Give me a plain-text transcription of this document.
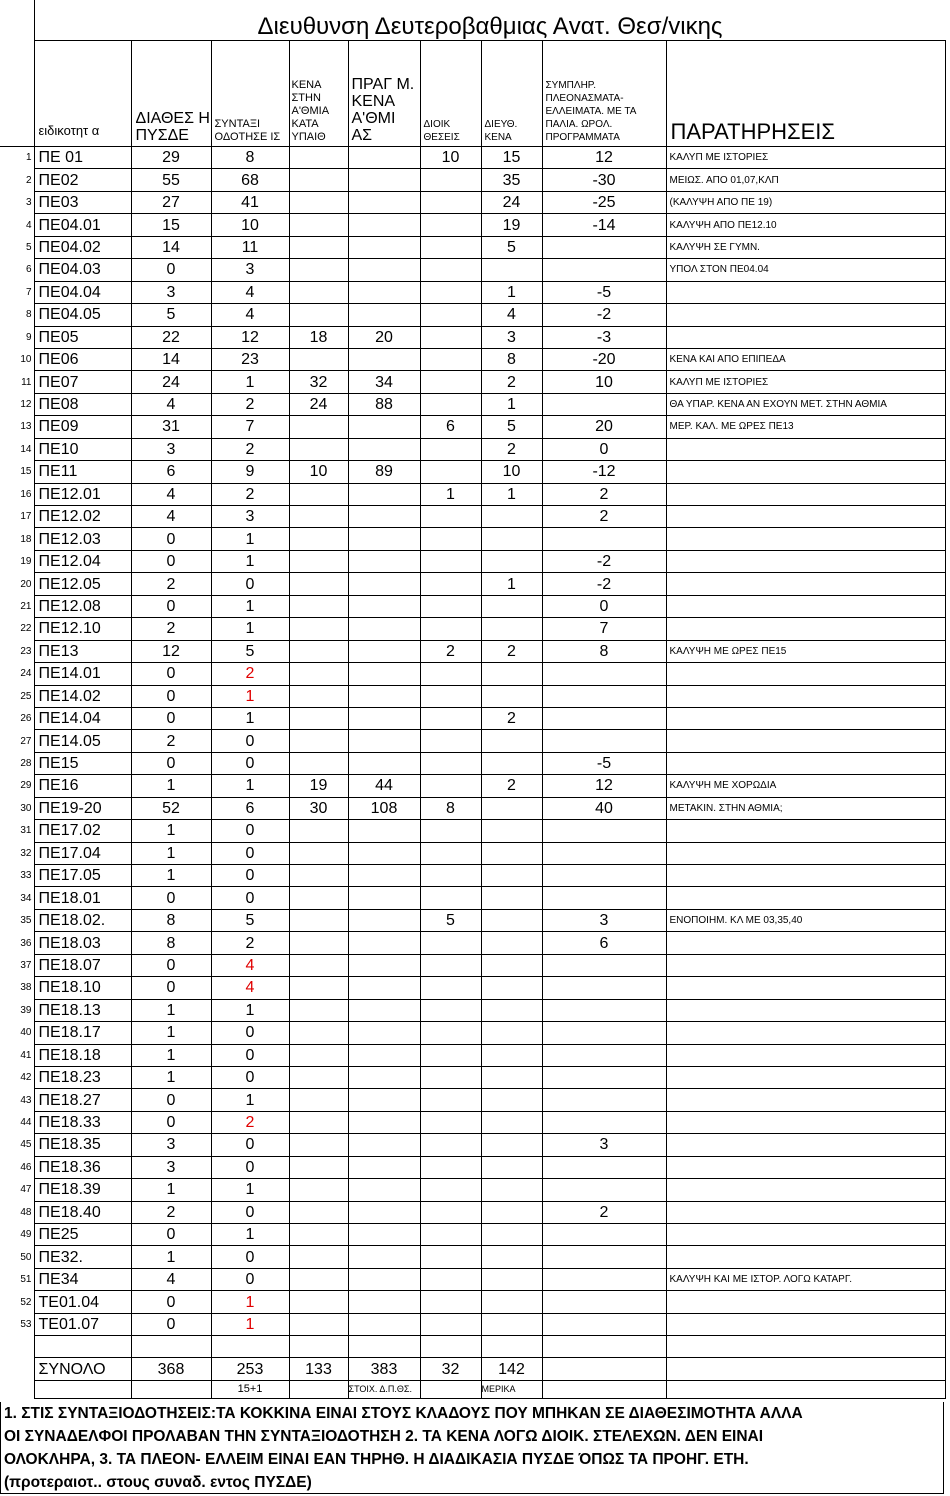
Διευθυνση Δευτεροβαθμιας Αvατ. Θεσ/vικης
	ειδικοτητ α	ΔΙΑΘΕΣ Η ΠΥΣΔΕ	ΣΥΝΤΑΞΙ ΟΔΟΤΗΣΕ ΙΣ	ΚΕΝΑ ΣΤΗΝ Α'ΘΜΙΑ ΚΑΤΑ ΥΠΑΙΘ	ΠΡΑΓ Μ. ΚΕΝΑ Α'ΘΜΙ ΑΣ	ΔΙΟΙΚ ΘΕΣΕΙΣ	ΔΙΕΥΘ. ΚΕΝΑ	ΣΥΜΠΛΗΡ. ΠΛΕΟΝΑΣΜΑΤΑ- ΕΛΛΕΙΜΑΤΑ. ΜΕ ΤΑ ΠΑΛΙΑ. ΩΡΟΛ. ΠΡΟΓΡΑΜΜΑΤΑ	ΠΑΡΑΤΗΡΗΣΕΙΣ
1	ΠΕ 01	29	8			10	15	12	ΚΑΛΥΠ ΜΕ ΙΣΤΟΡΙΕΣ
2	ΠΕ02	55	68				35	-30	ΜΕΙΩΣ. ΑΠΟ 01,07,ΚΛΠ
3	ΠΕ03	27	41				24	-25	(ΚΑΛΥΨΗ ΑΠΟ ΠΕ 19)
4	ΠΕ04.01	15	10				19	-14	ΚΑΛΥΨΗ ΑΠΟ ΠΕ12.10
5	ΠΕ04.02	14	11				5		ΚΑΛΥΨΗ ΣΕ ΓΥΜΝ.
6	ΠΕ04.03	0	3						ΥΠΟΛ ΣΤΟΝ ΠΕ04.04
7	ΠΕ04.04	3	4				1	-5	
8	ΠΕ04.05	5	4				4	-2	
9	ΠΕ05	22	12	18	20		3	-3	
10	ΠΕ06	14	23				8	-20	ΚΕΝΑ ΚΑΙ ΑΠΟ ΕΠΙΠΕΔΑ
11	ΠΕ07	24	1	32	34		2	10	ΚΑΛΥΠ ΜΕ ΙΣΤΟΡΙΕΣ
12	ΠΕ08	4	2	24	88		1		ΘΑ ΥΠΑΡ. ΚΕΝΑ ΑΝ ΕΧΟΥΝ ΜΕΤ. ΣΤΗΝ ΑΘΜΙΑ
13	ΠΕ09	31	7			6	5	20	ΜΕΡ. ΚΑΛ. ΜΕ ΩΡΕΣ ΠΕ13
14	ΠΕ10	3	2				2	0	
15	ΠΕ11	6	9	10	89		10	-12	
16	ΠΕ12.01	4	2			1	1	2	
17	ΠΕ12.02	4	3					2	
18	ΠΕ12.03	0	1						
19	ΠΕ12.04	0	1					-2	
20	ΠΕ12.05	2	0				1	-2	
21	ΠΕ12.08	0	1					0	
22	ΠΕ12.10	2	1					7	
23	ΠΕ13	12	5			2	2	8	ΚΑΛΥΨΗ ΜΕ ΩΡΕΣ ΠΕ15
24	ΠΕ14.01	0	2						
25	ΠΕ14.02	0	1						
26	ΠΕ14.04	0	1				2		
27	ΠΕ14.05	2	0						
28	ΠΕ15	0	0					-5	
29	ΠΕ16	1	1	19	44		2	12	ΚΑΛΥΨΗ ΜΕ ΧΟΡΩΔΙΑ
30	ΠΕ19-20	52	6	30	108	8		40	ΜΕΤΑΚΙΝ. ΣΤΗΝ ΑΘΜΙΑ;
31	ΠΕ17.02	1	0						
32	ΠΕ17.04	1	0						
33	ΠΕ17.05	1	0						
34	ΠΕ18.01	0	0						
35	ΠΕ18.02.	8	5			5		3	ΕΝΟΠΟΙΗΜ. ΚΛ ΜΕ 03,35,40
36	ΠΕ18.03	8	2					6	
37	ΠΕ18.07	0	4						
38	ΠΕ18.10	0	4						
39	ΠΕ18.13	1	1						
40	ΠΕ18.17	1	0						
41	ΠΕ18.18	1	0						
42	ΠΕ18.23	1	0						
43	ΠΕ18.27	0	1						
44	ΠΕ18.33	0	2						
45	ΠΕ18.35	3	0					3	
46	ΠΕ18.36	3	0						
47	ΠΕ18.39	1	1						
48	ΠΕ18.40	2	0					2	
49	ΠΕ25	0	1						
50	ΠΕ32.	1	0						
51	ΠΕ34	4	0						ΚΑΛΥΨΗ ΚΑΙ ΜΕ ΙΣΤΟΡ. ΛΟΓΩ ΚΑΤΑΡΓ.
52	ΤΕ01.04	0	1						
53	ΤΕ01.07	0	1						

	ΣΥΝΟΛΟ	368	253	133	383	32	142		
			15+1		ΣΤΟΙΧ. Δ.Π.ΘΣ.		ΜΕΡΙΚΑ		
1. ΣΤΙΣ ΣΥΝΤΑΞΙΟΔΟΤΗΣΕΙΣ:ΤΑ ΚΟΚΚΙΝΑ ΕΙΝΑΙ ΣΤΟΥΣ ΚΛΑΔΟΥΣ ΠΟΥ ΜΠΗΚΑΝ ΣΕ ΔΙΑΘΕΣΙΜΟΤΗΤΑ ΑΛΛΑ
ΟΙ ΣΥΝΑΔΕΛΦΟΙ ΠΡΟΛΑΒΑΝ ΤΗΝ ΣΥΝΤΑΞΙΟΔΟΤΗΣΗ 2. ΤΑ ΚΕΝΑ ΛΟΓΩ ΔΙΟΙΚ. ΣΤΕΛΕΧΩΝ. ΔΕΝ ΕΙΝΑΙ
ΟΛΟΚΛΗΡΑ, 3. ΤΑ ΠΛΕΟΝ- ΕΛΛΕΙΜ ΕΙΝΑΙ ΕΑΝ ΤΗΡΗΘ. Η ΔΙΑΔΙΚΑΣΙΑ ΠΥΣΔΕ ΌΠΩΣ ΤΑ ΠΡΟΗΓ. ΕΤΗ.
(προτεραιοτ.. στους συναδ. εντος ΠΥΣΔΕ)
